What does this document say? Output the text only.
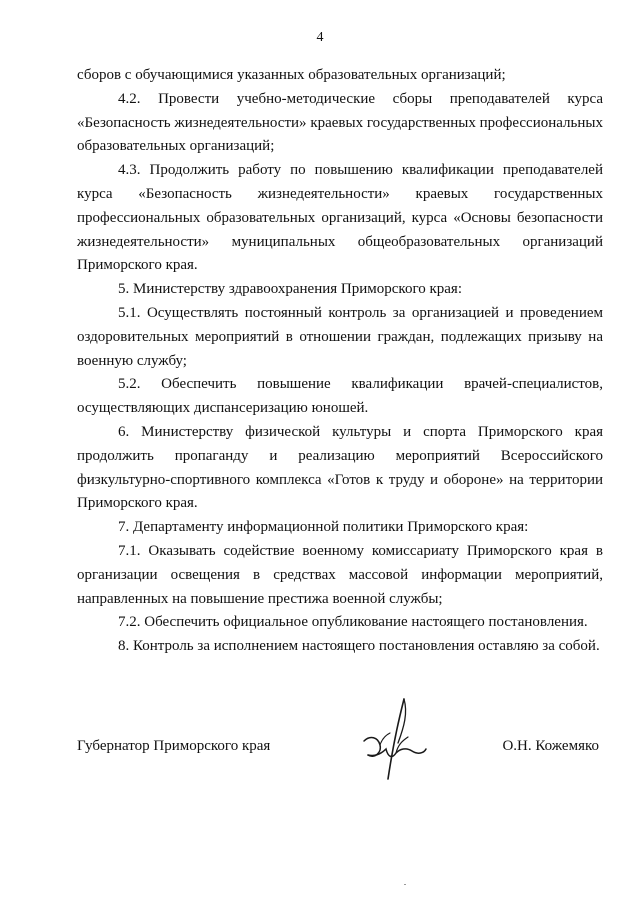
4

сборов с обучающимися указанных образовательных организаций;

4.2. Провести учебно-методические сборы преподавателей курса «Безопасность жизнедеятельности» краевых государственных профессиональных образовательных организаций;

4.3. Продолжить работу по повышению квалификации преподавателей курса «Безопасность жизнедеятельности» краевых государственных профессиональных образовательных организаций, курса «Основы безопасности жизнедеятельности» муниципальных общеобразовательных организаций Приморского края.

5. Министерству здравоохранения Приморского края:

5.1. Осуществлять постоянный контроль за организацией и проведением оздоровительных мероприятий в отношении граждан, подлежащих призыву на военную службу;

5.2. Обеспечить повышение квалификации врачей-специалистов, осуществляющих диспансеризацию юношей.

6. Министерству физической культуры и спорта Приморского края продолжить пропаганду и реализацию мероприятий Всероссийского физкультурно-спортивного комплекса «Готов к труду и обороне» на территории Приморского края.

7. Департаменту информационной политики Приморского края:

7.1. Оказывать содействие военному комиссариату Приморского края в организации освещения в средствах массовой информации мероприятий, направленных на повышение престижа военной службы;

7.2. Обеспечить официальное опубликование настоящего постановления.

8. Контроль за исполнением настоящего постановления оставляю за собой.

Губернатор Приморского края	О.Н. Кожемяко
